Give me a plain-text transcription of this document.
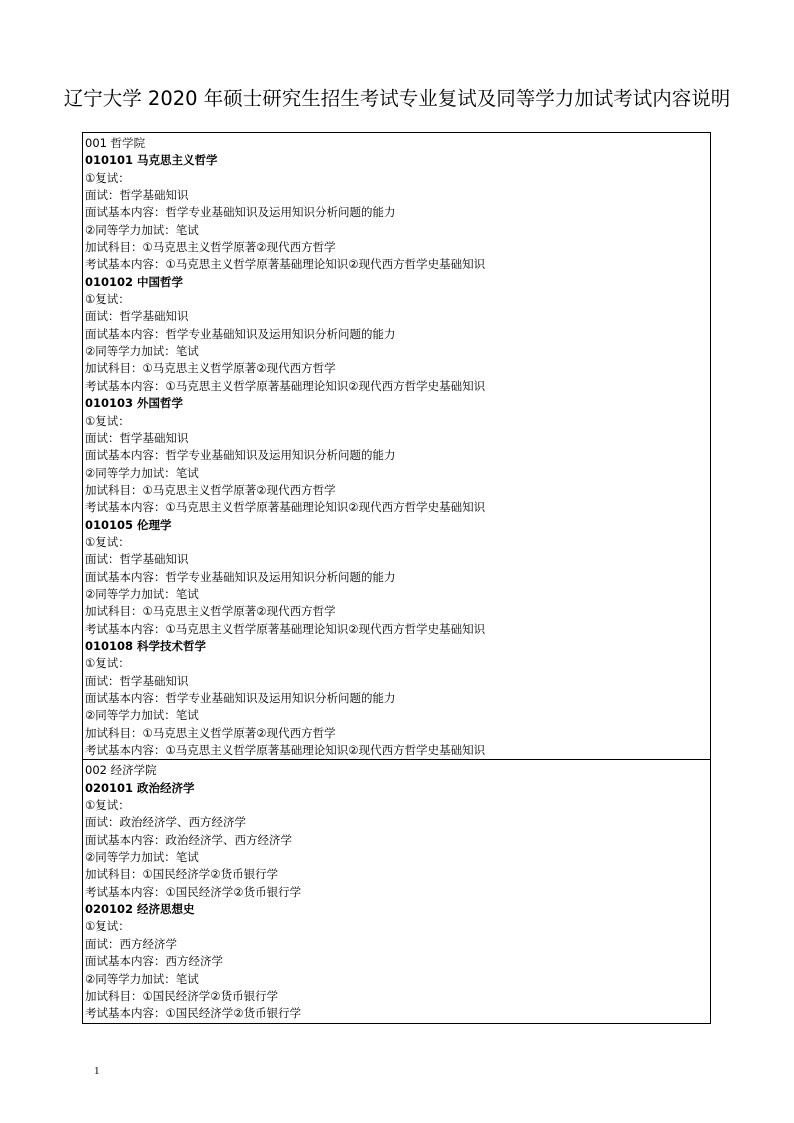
辽宁大学 2020 年硕士研究生招生考试专业复试及同等学力加试考试内容说明
001 哲学院
010101 马克思主义哲学
①复试：
面试：哲学基础知识
面试基本内容：哲学专业基础知识及运用知识分析问题的能力
②同等学力加试：笔试
加试科目：①马克思主义哲学原著②现代西方哲学
考试基本内容：①马克思主义哲学原著基础理论知识②现代西方哲学史基础知识
010102 中国哲学
①复试：
面试：哲学基础知识
面试基本内容：哲学专业基础知识及运用知识分析问题的能力
②同等学力加试：笔试
加试科目：①马克思主义哲学原著②现代西方哲学
考试基本内容：①马克思主义哲学原著基础理论知识②现代西方哲学史基础知识
010103 外国哲学
①复试：
面试：哲学基础知识
面试基本内容：哲学专业基础知识及运用知识分析问题的能力
②同等学力加试：笔试
加试科目：①马克思主义哲学原著②现代西方哲学
考试基本内容：①马克思主义哲学原著基础理论知识②现代西方哲学史基础知识
010105 伦理学
①复试：
面试：哲学基础知识
面试基本内容：哲学专业基础知识及运用知识分析问题的能力
②同等学力加试：笔试
加试科目：①马克思主义哲学原著②现代西方哲学
考试基本内容：①马克思主义哲学原著基础理论知识②现代西方哲学史基础知识
010108 科学技术哲学
①复试：
面试：哲学基础知识
面试基本内容：哲学专业基础知识及运用知识分析问题的能力
②同等学力加试：笔试
加试科目：①马克思主义哲学原著②现代西方哲学
考试基本内容：①马克思主义哲学原著基础理论知识②现代西方哲学史基础知识
002 经济学院
020101 政治经济学
①复试：
面试：政治经济学、西方经济学
面试基本内容：政治经济学、西方经济学
②同等学力加试：笔试
加试科目：①国民经济学②货币银行学
考试基本内容：①国民经济学②货币银行学
020102 经济思想史
①复试：
面试：西方经济学
面试基本内容：西方经济学
②同等学力加试：笔试
加试科目：①国民经济学②货币银行学
考试基本内容：①国民经济学②货币银行学
1
